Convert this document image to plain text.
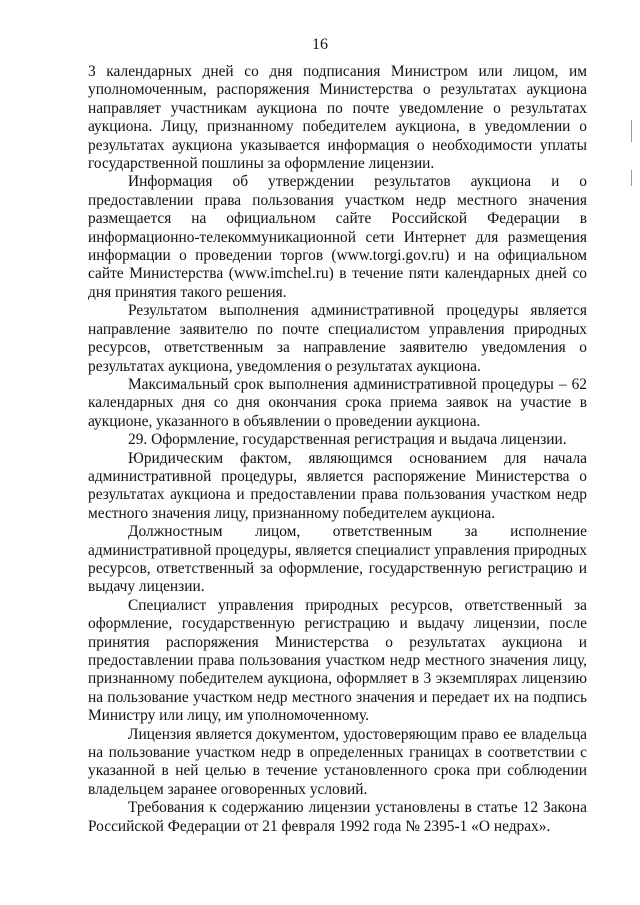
16

3 календарных дней со дня подписания Министром или лицом, им уполномоченным, распоряжения Министерства о результатах аукциона направляет участникам аукциона по почте уведомление о результатах аукциона. Лицу, признанному победителем аукциона, в уведомлении о результатах аукциона указывается информация о необходимости уплаты государственной пошлины за оформление лицензии.

Информация об утверждении результатов аукциона и о предоставлении права пользования участком недр местного значения размещается на официальном сайте Российской Федерации в информационно-телекоммуникационной сети Интернет для размещения информации о проведении торгов (www.torgi.gov.ru) и на официальном сайте Министерства (www.imchel.ru) в течение пяти календарных дней со дня принятия такого решения.

Результатом выполнения административной процедуры является направление заявителю по почте специалистом управления природных ресурсов, ответственным за направление заявителю уведомления о результатах аукциона, уведомления о результатах аукциона.

Максимальный срок выполнения административной процедуры – 62 календарных дня со дня окончания срока приема заявок на участие в аукционе, указанного в объявлении о проведении аукциона.

29. Оформление, государственная регистрация и выдача лицензии.

Юридическим фактом, являющимся основанием для начала административной процедуры, является распоряжение Министерства о результатах аукциона и предоставлении права пользования участком недр местного значения лицу, признанному победителем аукциона.

Должностным лицом, ответственным за исполнение административной процедуры, является специалист управления природных ресурсов, ответственный за оформление, государственную регистрацию и выдачу лицензии.

Специалист управления природных ресурсов, ответственный за оформление, государственную регистрацию и выдачу лицензии, после принятия распоряжения Министерства о результатах аукциона и предоставлении права пользования участком недр местного значения лицу, признанному победителем аукциона, оформляет в 3 экземплярах лицензию на пользование участком недр местного значения и передает их на подпись Министру или лицу, им уполномоченному.

Лицензия является документом, удостоверяющим право ее владельца на пользование участком недр в определенных границах в соответствии с указанной в ней целью в течение установленного срока при соблюдении владельцем заранее оговоренных условий.

Требования к содержанию лицензии установлены в статье 12 Закона Российской Федерации от 21 февраля 1992 года № 2395-1 «О недрах».
